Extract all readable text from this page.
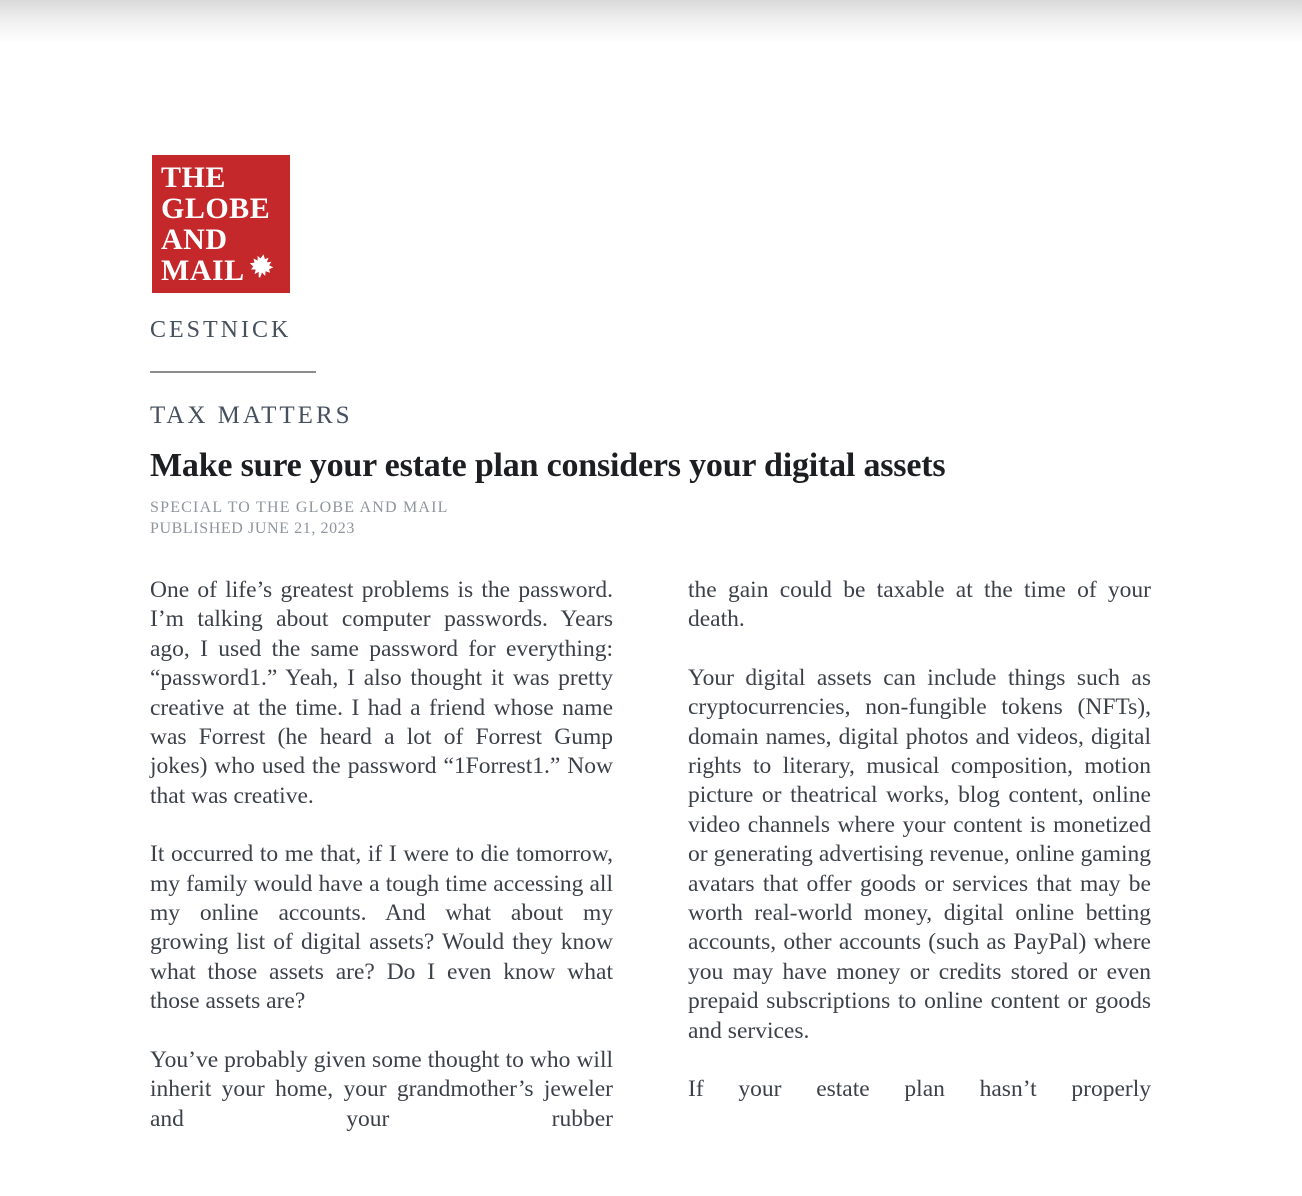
THE
GLOBE
AND
MAIL
CESTNICK
TAX MATTERS
Make sure your estate plan considers your digital assets
SPECIAL TO THE GLOBE AND MAIL
PUBLISHED JUNE 21, 2023

One of life’s greatest problems is the password. I’m talking about computer passwords. Years ago, I used the same password for everything: “password1.” Yeah, I also thought it was pretty creative at the time. I had a friend whose name was Forrest (he heard a lot of Forrest Gump jokes) who used the password “1Forrest1.” Now that was creative.

It occurred to me that, if I were to die tomorrow, my family would have a tough time accessing all my online accounts. And what about my growing list of digital assets? Would they know what those assets are? Do I even know what those assets are?

You’ve probably given some thought to who will inherit your home, your grandmother’s jeweler and your rubber

the gain could be taxable at the time of your death.

Your digital assets can include things such as cryptocurrencies, non-fungible tokens (NFTs), domain names, digital photos and videos, digital rights to literary, musical composition, motion picture or theatrical works, blog content, online video channels where your content is monetized or generating advertising revenue, online gaming avatars that offer goods or services that may be worth real-world money, digital online betting accounts, other accounts (such as PayPal) where you may have money or credits stored or even prepaid subscriptions to online content or goods and services.

If your estate plan hasn’t properly
